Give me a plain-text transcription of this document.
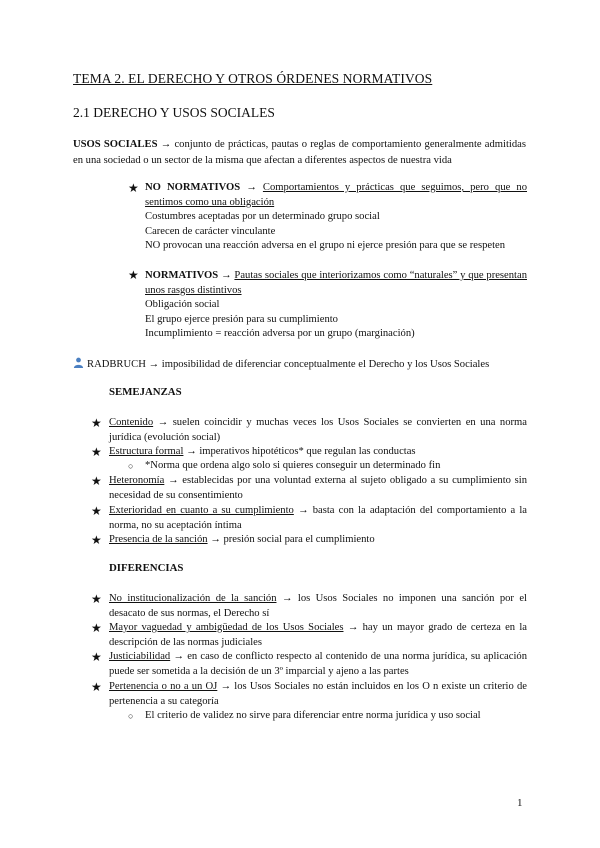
TEMA 2. EL DERECHO Y OTROS ÓRDENES NORMATIVOS
2.1 DERECHO Y USOS SOCIALES
USOS SOCIALES → conjunto de prácticas, pautas o reglas de comportamiento generalmente admitidas en una sociedad o un sector de la misma que afectan a diferentes aspectos de nuestra vida
★ NO NORMATIVOS → Comportamientos y prácticas que seguimos, pero que no sentimos como una obligación
Costumbres aceptadas por un determinado grupo social
Carecen de carácter vinculante
NO provocan una reacción adversa en el grupo ni ejerce presión para que se respeten
★ NORMATIVOS → Pautas sociales que interiorizamos como “naturales” y que presentan unos rasgos distintivos
Obligación social
El grupo ejerce presión para su cumplimiento
Incumplimiento = reacción adversa por un grupo (marginación)
RADBRUCH → imposibilidad de diferenciar conceptualmente el Derecho y los Usos Sociales
SEMEJANZAS
★ Contenido → suelen coincidir y muchas veces los Usos Sociales se convierten en una norma jurídica (evolución social)
★ Estructura formal → imperativos hipotéticos* que regulan las conductas
○ *Norma que ordena algo solo si quieres conseguir un determinado fin
★ Heteronomía → establecidas por una voluntad externa al sujeto obligado a su cumplimiento sin necesidad de su consentimiento
★ Exterioridad en cuanto a su cumplimiento → basta con la adaptación del comportamiento a la norma, no su aceptación íntima
★ Presencia de la sanción → presión social para el cumplimiento
DIFERENCIAS
★ No institucionalización de la sanción → los Usos Sociales no imponen una sanción por el desacato de sus normas, el Derecho sí
★ Mayor vaguedad y ambigüedad de los Usos Sociales → hay un mayor grado de certeza en la descripción de las normas judiciales
★ Justiciabilidad → en caso de conflicto respecto al contenido de una norma jurídica, su aplicación puede ser sometida a la decisión de un 3º imparcial y ajeno a las partes
★ Pertenencia o no a un OJ → los Usos Sociales no están incluidos en los O n existe un criterio de pertenencia a su categoría
○ El criterio de validez no sirve para diferenciar entre norma jurídica y uso social
1
